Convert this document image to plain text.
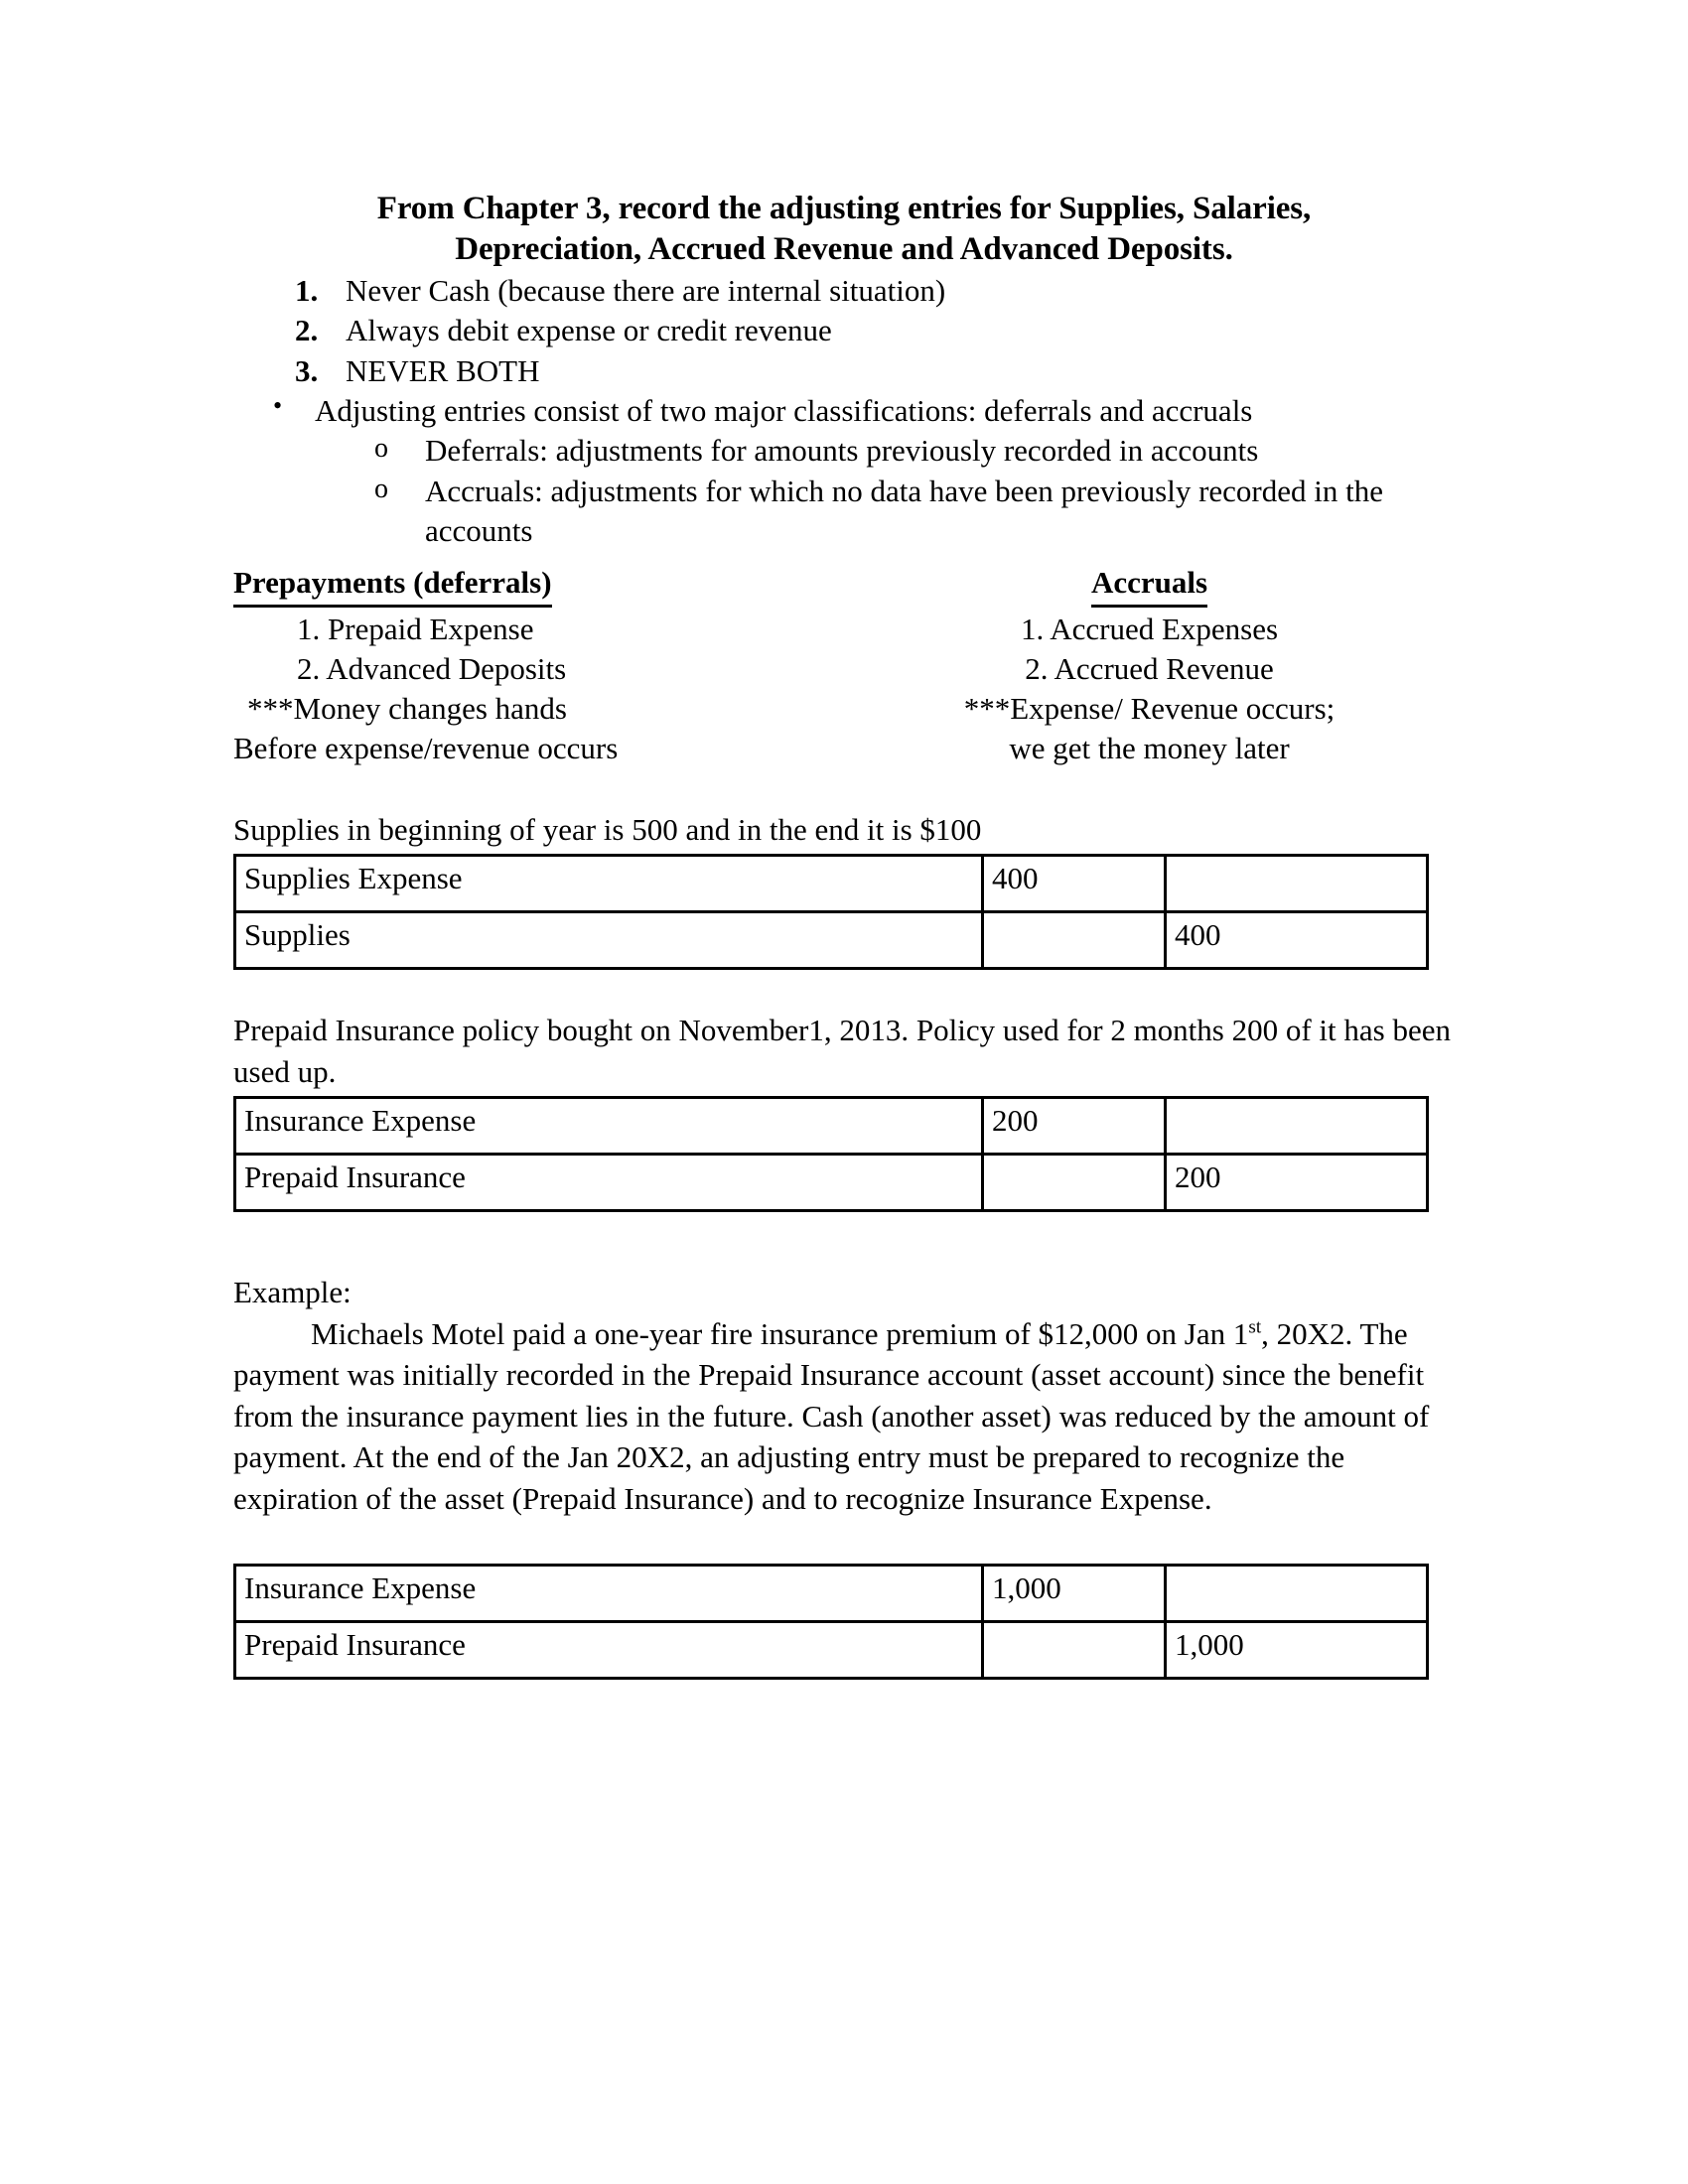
From Chapter 3, record the adjusting entries for Supplies, Salaries,
Depreciation, Accrued Revenue and Advanced Deposits.
1. Never Cash (because there are internal situation)
2. Always debit expense or credit revenue
3. NEVER BOTH
• Adjusting entries consist of two major classifications: deferrals and accruals
o Deferrals: adjustments for amounts previously recorded in accounts
o Accruals: adjustments for which no data have been previously recorded in the accounts
Prepayments (deferrals)
1. Prepaid Expense
2. Advanced Deposits
***Money changes hands
Before expense/revenue occurs
Accruals
1. Accrued Expenses
2. Accrued Revenue
***Expense/ Revenue occurs;
we get the money later

Supplies in beginning of year is 500 and in the end it is $100

Supplies Expense	400	
Supplies		400

Prepaid Insurance policy bought on November1, 2013. Policy used for 2 months 200 of it has been used up.

Insurance Expense	200	
Prepaid Insurance		200

Example:

Michaels Motel paid a one-year fire insurance premium of $12,000 on Jan 1st, 20X2. The payment was initially recorded in the Prepaid Insurance account (asset account) since the benefit from the insurance payment lies in the future. Cash (another asset) was reduced by the amount of payment. At the end of the Jan 20X2, an adjusting entry must be prepared to recognize the expiration of the asset (Prepaid Insurance) and to recognize Insurance Expense.

Insurance Expense	1,000	
Prepaid Insurance		1,000
